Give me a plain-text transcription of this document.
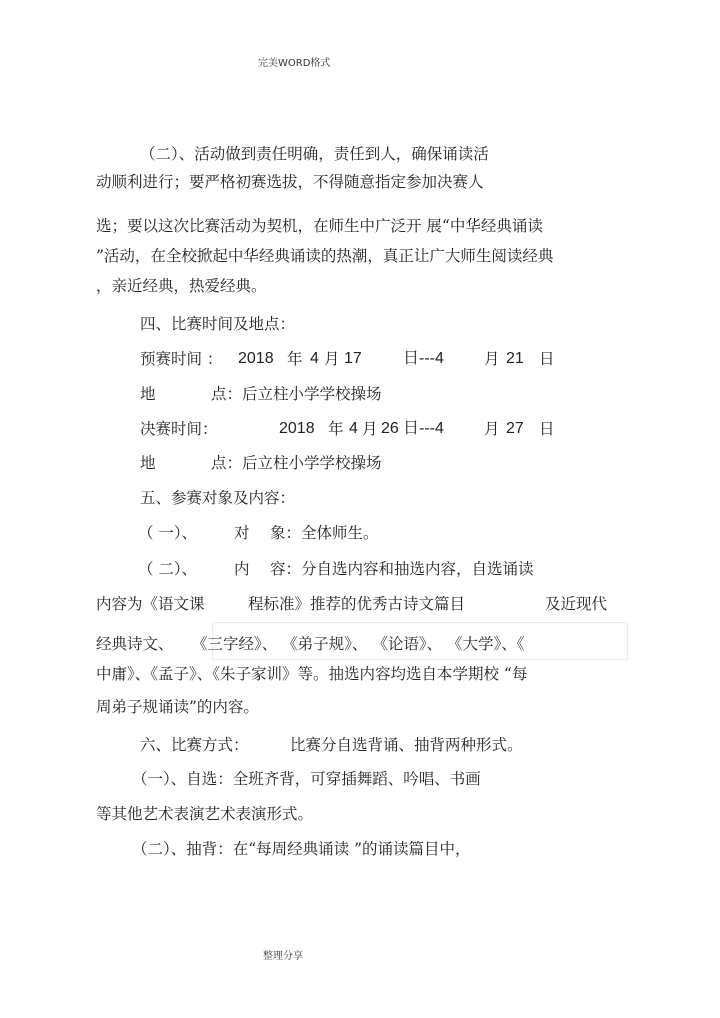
完美WORD格式
（二）、活动做到责任明确，责任到人，确保诵读活
动顺利进行；要严格初赛选拔，不得随意指定参加决赛人
选；要以这次比赛活动为契机，在师生中广泛开 展“中华经典诵读
”活动，在全校掀起中华经典诵读的热潮，真正让广大师生阅读经典
，亲近经典，热爱经典。
四、比赛时间及地点：
预赛时间 ： 2018 年 4 月 17	日---4	月 21 日
地	点：后立柱小学学校操场
决赛时间：	2018 年 4 月 26 日---4	月 27 日
地	点：后立柱小学学校操场
五、参赛对象及内容：
（ 一）、 对 象：全体师生。
（ 二）、 内 容：分自选内容和抽选内容，自选诵读
内容为《语文课	程标准》推荐的优秀古诗文篇目	及近现代
经典诗文、 《三字经》、 《弟子规》、 《论语》、 《大学》、《
中庸》、《孟子》、《朱子家训》等。抽选内容均选自本学期校 “每
周弟子规诵读”的内容。
六、比赛方式：	比赛分自选背诵、抽背两种形式。
（一）、自选：全班齐背，可穿插舞蹈、吟唱、书画
等其他艺术表演艺术表演形式。
（二）、抽背：在“每周经典诵读 ”的诵读篇目中，
整理分享
